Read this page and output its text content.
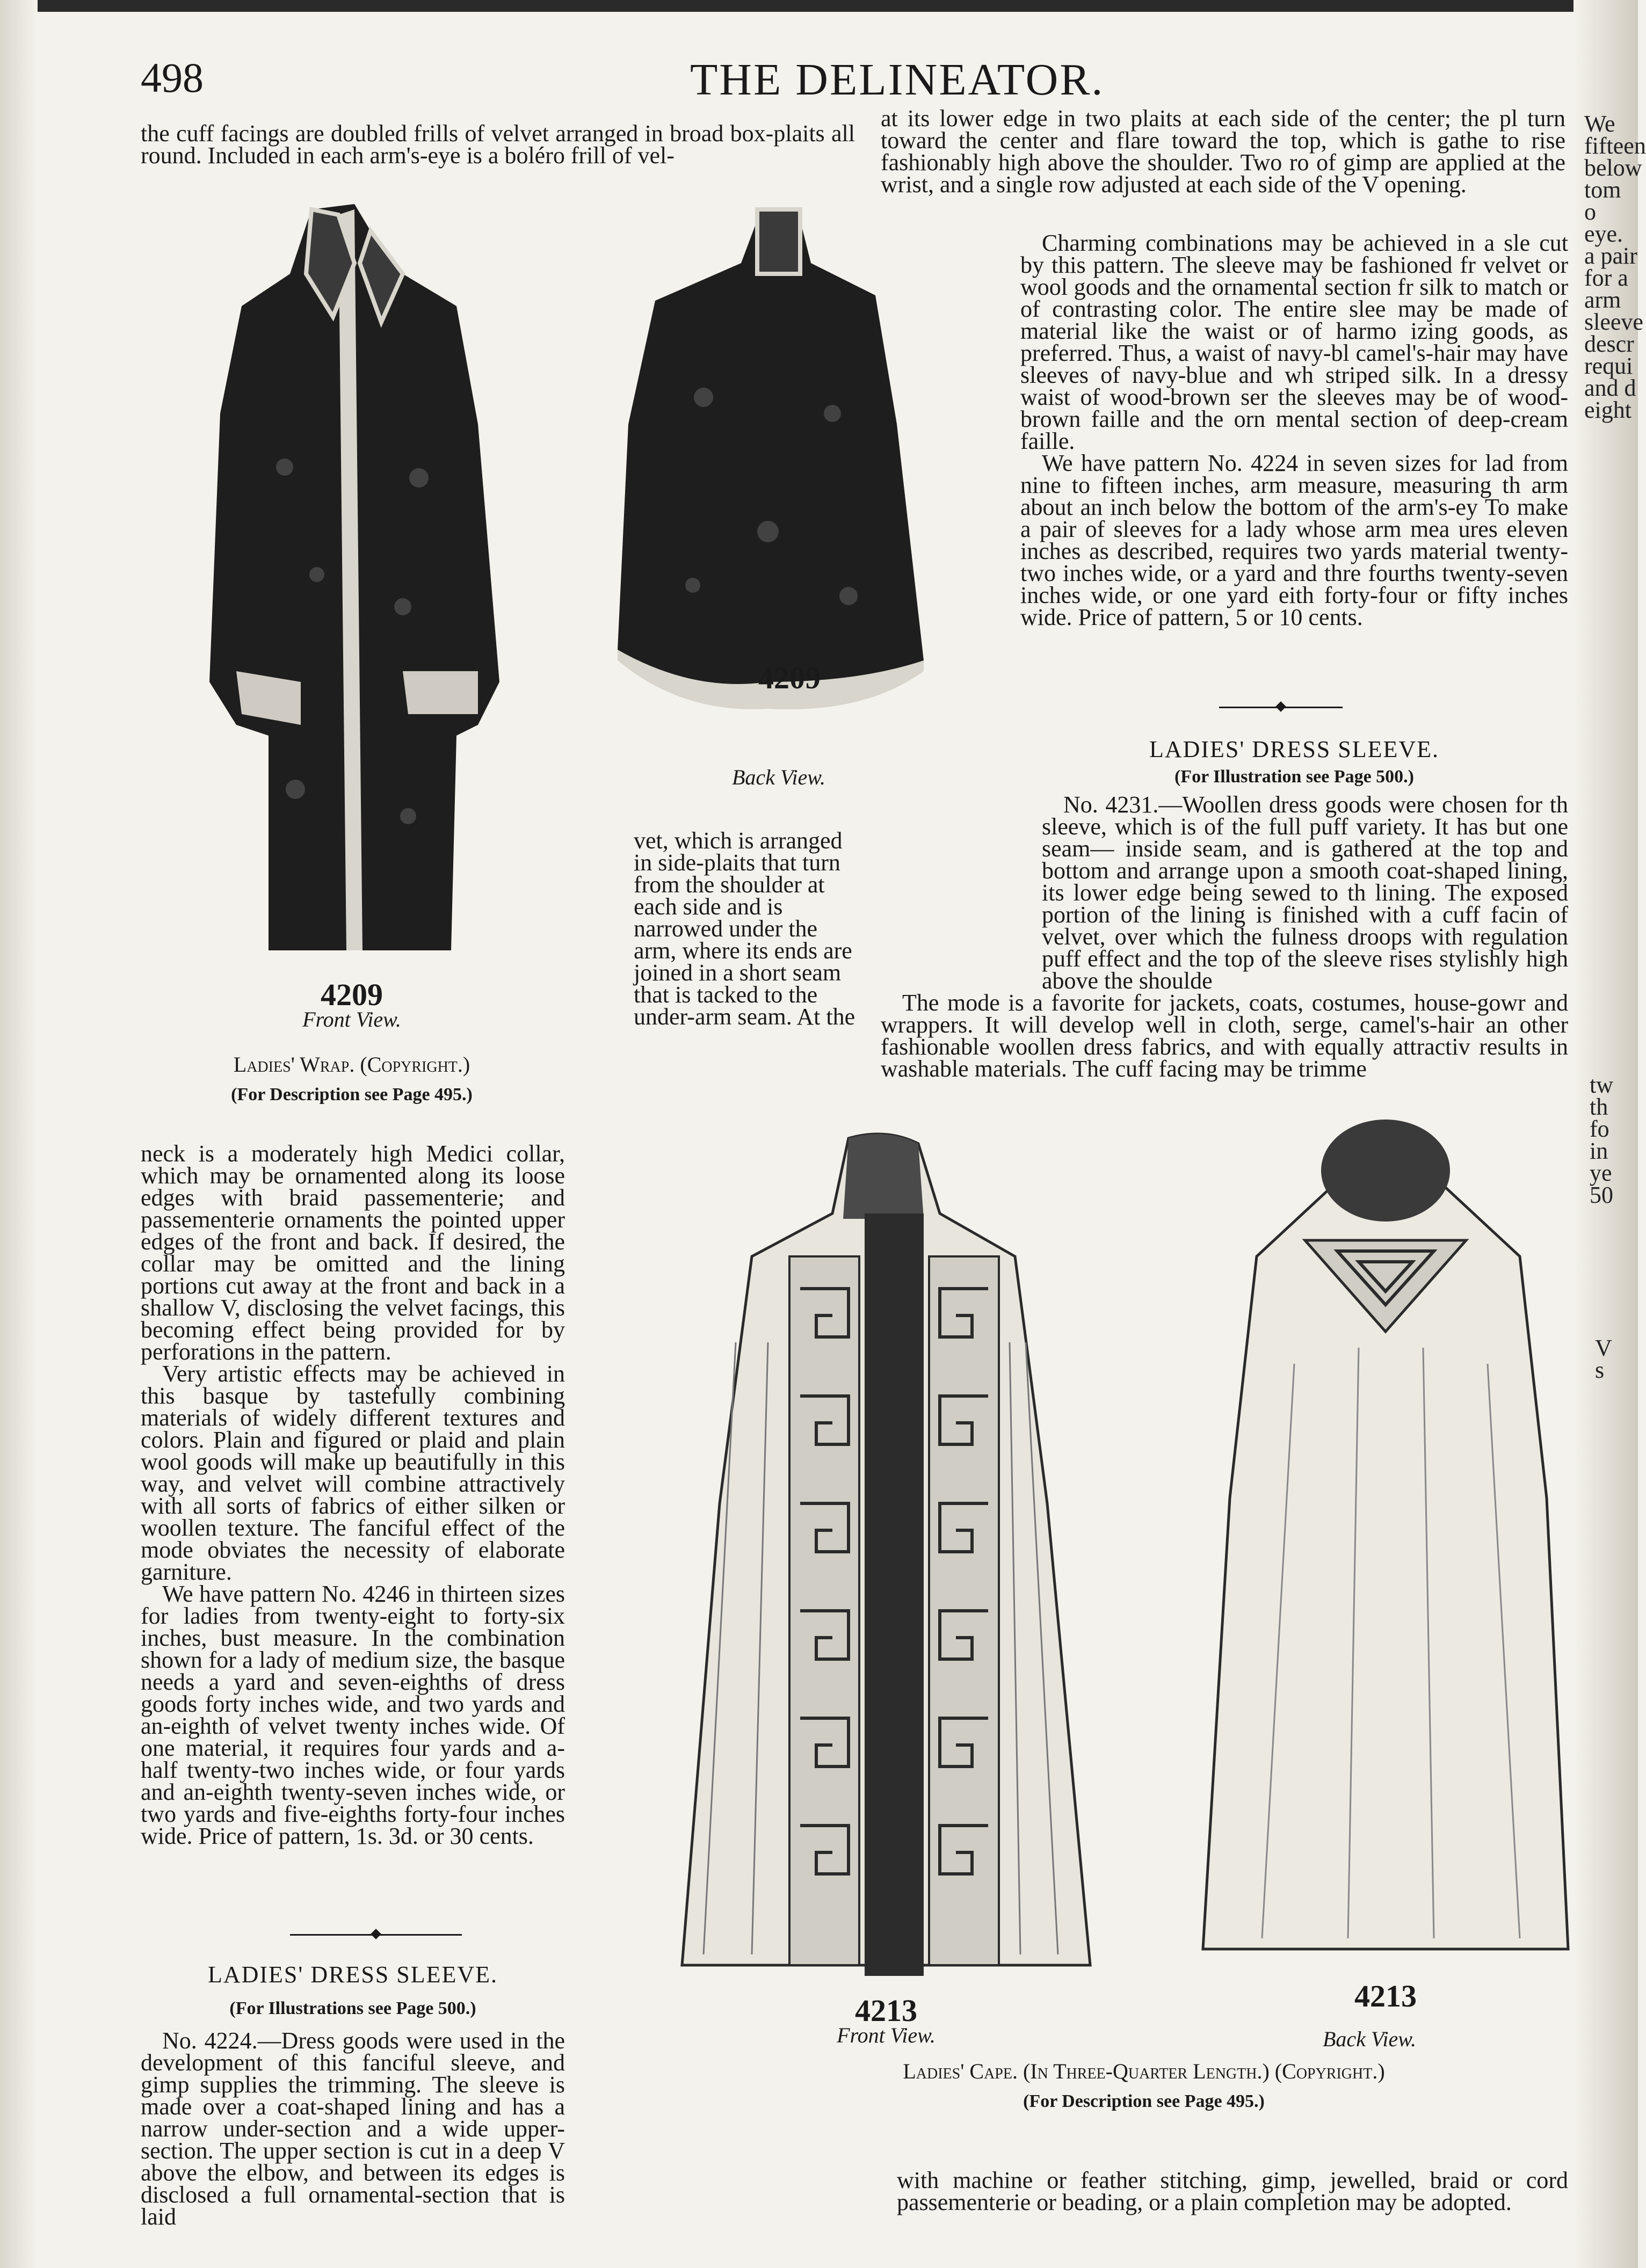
498	THE DELINEATOR.
the cuff facings are doubled frills of velvet arranged in broad box-plaits all round. Included in each arm's-eye is a boléro frill of vel-
at its lower edge in two plaits at each side of the center; the pl turn toward the center and flare toward the top, which is gathe to rise fashionably high above the shoulder. Two ro of gimp are applied at the wrist, and a single row adjusted at each side of the V opening.

Charming combinations may be achieved in a sle cut by this pattern. The sleeve may be fashioned fr velvet or wool goods and the ornamental section fr silk to match or of contrasting color. The entire slee may be made of material like the waist or of harmo izing goods, as preferred. Thus, a waist of navy-bl camel's-hair may have sleeves of navy-blue and wh striped silk. In a dressy waist of wood-brown ser the sleeves may be of wood-brown faille and the orn mental section of deep-cream faille.

We have pattern No. 4224 in seven sizes for lad from nine to fifteen inches, arm measure, measuring th arm about an inch below the bottom of the arm's-ey To make a pair of sleeves for a lady whose arm mea ures eleven inches as described, requires two yards material twenty-two inches wide, or a yard and thre fourths twenty-seven inches wide, or one yard eith forty-four or fifty inches wide. Price of pattern, 5 or 10 cents.

4209
Front View.
Ladies' Wrap. (Copyright.)
(For Description see Page 495.)
4209
Back View.
vet, which is arranged in side-plaits that turn from the shoulder at each side and is narrowed under the arm, where its ends are joined in a short seam that is tacked to the under-arm seam. At the
LADIES' DRESS SLEEVE.
(For Illustration see Page 500.)

No. 4231.—Woollen dress goods were chosen for th sleeve, which is of the full puff variety. It has but one seam— inside seam, and is gathered at the top and bottom and arrange upon a smooth coat-shaped lining, its lower edge being sewed to th lining. The exposed portion of the lining is finished with a cuff facin of velvet, over which the fulness droops with regulation puff effect and the top of the sleeve rises stylishly high above the shoulde

The mode is a favorite for jackets, coats, costumes, house-gowr and wrappers. It will develop well in cloth, serge, camel's-hair an other fashionable woollen dress fabrics, and with equally attractiv results in washable materials. The cuff facing may be trimme

neck is a moderately high Medici collar, which may be ornamented along its loose edges with braid passementerie; and passementerie ornaments the pointed upper edges of the front and back. If desired, the collar may be omitted and the lining portions cut away at the front and back in a shallow V, disclosing the velvet facings, this becoming effect being provided for by perforations in the pattern.

Very artistic effects may be achieved in this basque by tastefully combining materials of widely different textures and colors. Plain and figured or plaid and plain wool goods will make up beautifully in this way, and velvet will combine attractively with all sorts of fabrics of either silken or woollen texture. The fanciful effect of the mode obviates the necessity of elaborate garniture.

We have pattern No. 4246 in thirteen sizes for ladies from twenty-eight to forty-six inches, bust measure. In the combination shown for a lady of medium size, the basque needs a yard and seven-eighths of dress goods forty inches wide, and two yards and an-eighth of velvet twenty inches wide. Of one material, it requires four yards and a-half twenty-two inches wide, or four yards and an-eighth twenty-seven inches wide, or two yards and five-eighths forty-four inches wide. Price of pattern, 1s. 3d. or 30 cents.

LADIES' DRESS SLEEVE.
(For Illustrations see Page 500.)

No. 4224.—Dress goods were used in the development of this fanciful sleeve, and gimp supplies the trimming. The sleeve is made over a coat-shaped lining and has a narrow under-section and a wide upper-section. The upper section is cut in a deep V above the elbow, and between its edges is disclosed a full ornamental-section that is laid

4213
Front View.
4213
Back View.
Ladies' Cape. (In Three-Quarter Length.) (Copyright.)
(For Description see Page 495.)
with machine or feather stitching, gimp, jewelled, braid or cord passementerie or beading, or a plain completion may be adopted.
We
fifteen
below
tom o
eye.
a pair
for a
arm
sleeve
descr
requi
and d
eight
tw
th
fo
in
ye
50
V
s
